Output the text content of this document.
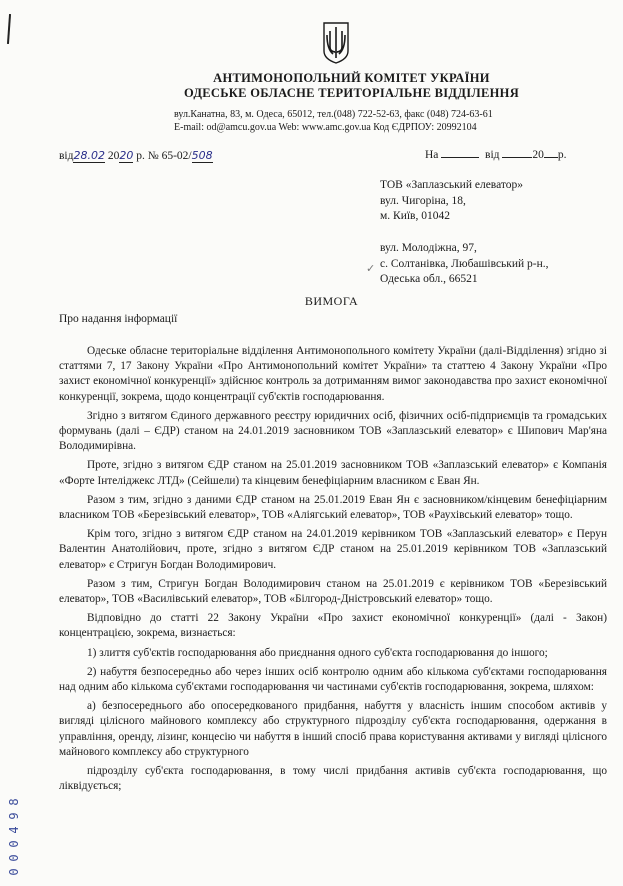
АНТИМОНОПОЛЬНИЙ КОМІТЕТ УКРАЇНИ
ОДЕСЬКЕ ОБЛАСНЕ ТЕРИТОРІАЛЬНЕ ВІДДІЛЕННЯ
вул.Канатна, 83, м. Одеса, 65012, тел.(048) 722-52-63, факс (048) 724-63-61
E-mail: od@amcu.gov.ua Web: www.amc.gov.ua Код ЄДРПОУ: 20992104
від28.02 2020 р. № 65-02/508	На	від	20 р.
ТОВ «Заплазський елеватор»
вул. Чигоріна, 18,
м. Київ, 01042
вул. Молодіжна, 97,
с. Солтанівка, Любашівський р-н.,
Одеська обл., 66521
✓
ВИМОГА
Про надання інформації

Одеське обласне територіальне відділення Антимонопольного комітету України (далі-Відділення) згідно зі статтями 7, 17 Закону України «Про Антимонопольний комітет України» та статтею 4 Закону України «Про захист економічної конкуренції» здійснює контроль за дотриманням вимог законодавства про захист економічної конкуренції, зокрема, щодо концентрації суб'єктів господарювання.

Згідно з витягом Єдиного державного реєстру юридичних осіб, фізичних осіб-підприємців та громадських формувань (далі – ЄДР) станом на 24.01.2019 засновником ТОВ «Заплазський елеватор» є Шипович Мар'яна Володимирівна.

Проте, згідно з витягом ЄДР станом на 25.01.2019 засновником ТОВ «Заплазський елеватор» є Компанія «Форте Інтеліджекс ЛТД» (Сейшели) та кінцевим бенефіціарним власником є Еван Ян.

Разом з тим, згідно з даними ЄДР станом на 25.01.2019 Еван Ян є засновником/кінцевим бенефіціарним власником ТОВ «Березівський елеватор», ТОВ «Аліягський елеватор», ТОВ «Раухівський елеватор» тощо.

Крім того, згідно з витягом ЄДР станом на 24.01.2019 керівником ТОВ «Заплазський елеватор» є Перун Валентин Анатолійович, проте, згідно з витягом ЄДР станом на 25.01.2019 керівником ТОВ «Заплазський елеватор» є Стригун Богдан Володимирович.

Разом з тим, Стригун Богдан Володимирович станом на 25.01.2019 є керівником ТОВ «Березівський елеватор», ТОВ «Василівський елеватор», ТОВ «Білгород-Дністровський елеватор» тощо.

Відповідно до статті 22 Закону України «Про захист економічної конкуренції» (далі - Закон) концентрацією, зокрема, визнається:

1) злиття суб'єктів господарювання або приєднання одного суб'єкта господарювання до іншого;

2) набуття безпосередньо або через інших осіб контролю одним або кількома суб'єктами господарювання над одним або кількома суб'єктами господарювання чи частинами суб'єктів господарювання, зокрема, шляхом:

а) безпосереднього або опосередкованого придбання, набуття у власність іншим способом активів у вигляді цілісного майнового комплексу або структурного підрозділу суб'єкта господарювання, одержання в управління, оренду, лізинг, концесію чи набуття в інший спосіб права користування активами у вигляді цілісного майнового комплексу або структурного

підрозділу суб'єкта господарювання, в тому числі придбання активів суб'єкта господарювання, що ліквідується;

8
9
4
0
0
0
